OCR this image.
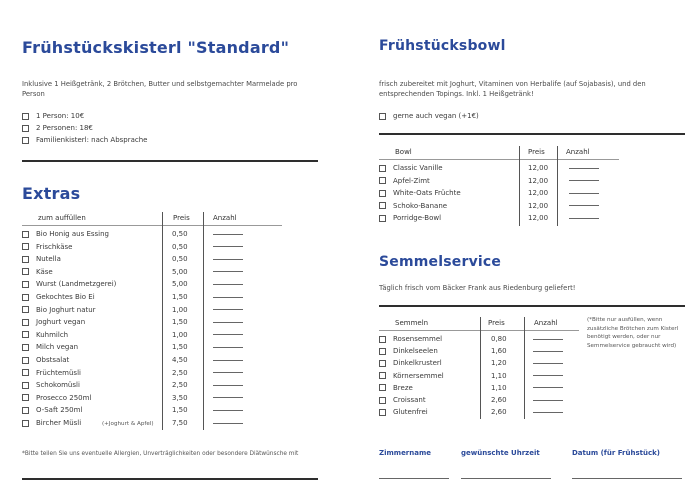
Frühstückskisterl "Standard"
Inklusive 1 Heißgetränk, 2 Brötchen, Butter und selbstgemachter Marmelade pro Person
1 Person: 10€
2 Personen: 18€
Familienkisterl: nach Absprache
Extras
zum auffüllen	Preis	Anzahl
Bio Honig aus Essing	0,50
Frischkäse	0,50
Nutella	0,50
Käse	5,00
Wurst (Landmetzgerei)	5,00
Gekochtes Bio Ei	1,50
Bio Joghurt natur	1,00
Joghurt vegan	1,50
Kuhmilch	1,00
Milch vegan	1,50
Obstsalat	4,50
Früchtemüsli	2,50
Schokomüsli	2,50
Prosecco 250ml	3,50
O-Saft 250ml	1,50
Bircher Müsli	7,50
(+Joghurt & Apfel)
*Bitte teilen Sie uns eventuelle Allergien, Unverträglichkeiten oder besondere Diätwünsche mit
Frühstücksbowl
frisch zubereitet mit Joghurt, Vitaminen von Herbalife (auf Sojabasis), und den entsprechenden Topings. Inkl. 1 Heißgetränk!
gerne auch vegan (+1€)
Bowl	Preis	Anzahl
Classic Vanille	12,00
Apfel-Zimt	12,00
White-Oats Früchte	12,00
Schoko-Banane	12,00
Porridge-Bowl	12,00
Semmelservice
Täglich frisch vom Bäcker Frank aus Riedenburg geliefert!
Semmeln	Preis	Anzahl
Rosensemmel	0,80
Dinkelseelen	1,60
Dinkelkrusterl	1,20
Körnersemmel	1,10
Breze	1,10
Croissant	2,60
Glutenfrei	2,60
(*Bitte nur ausfüllen, wenn zusätzliche Brötchen zum Kisterl benötigt werden, oder nur Semmelservice gebraucht wird)
Zimmername	gewünschte Uhrzeit	Datum (für Frühstück)
